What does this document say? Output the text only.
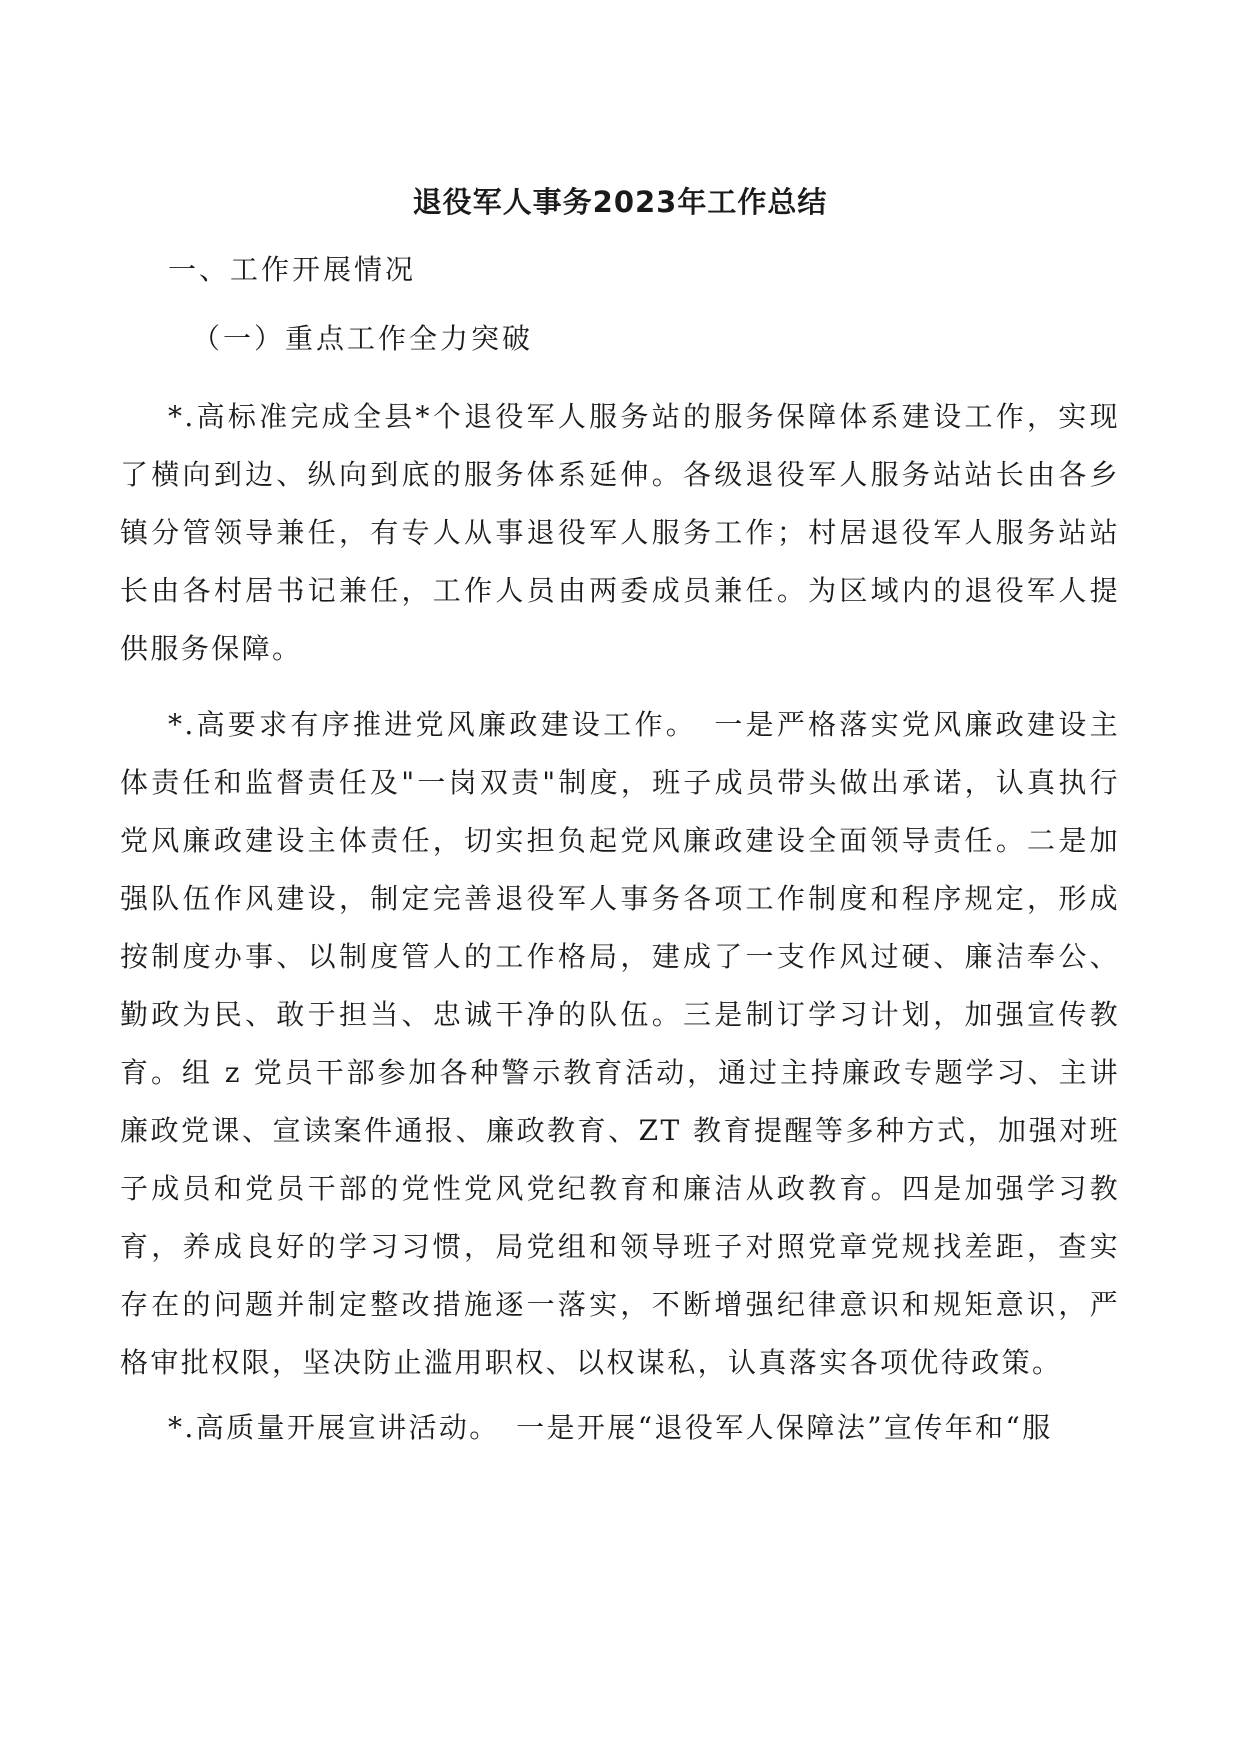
退役军人事务2023年工作总结
一、工作开展情况
（一）重点工作全力突破

*.高标准完成全县*个退役军人服务站的服务保障体系建设工作，实现了横向到边、纵向到底的服务体系延伸。各级退役军人服务站站长由各乡镇分管领导兼任，有专人从事退役军人服务工作；村居退役军人服务站站长由各村居书记兼任，工作人员由两委成员兼任。为区域内的退役军人提供服务保障。

*.高要求有序推进党风廉政建设工作。　一是严格落实党风廉政建设主体责任和监督责任及"一岗双责"制度，班子成员带头做出承诺，认真执行党风廉政建设主体责任，切实担负起党风廉政建设全面领导责任。二是加强队伍作风建设，制定完善退役军人事务各项工作制度和程序规定，形成按制度办事、以制度管人的工作格局，建成了一支作风过硬、廉洁奉公、勤政为民、敢于担当、忠诚干净的队伍。三是制订学习计划，加强宣传教育。组 z 党员干部参加各种警示教育活动，通过主持廉政专题学习、主讲廉政党课、宣读案件通报、廉政教育、ZT 教育提醒等多种方式，加强对班子成员和党员干部的党性党风党纪教育和廉洁从政教育。四是加强学习教育，养成良好的学习习惯，局党组和领导班子对照党章党规找差距，查实存在的问题并制定整改措施逐一落实，不断增强纪律意识和规矩意识，严格审批权限，坚决防止滥用职权、以权谋私，认真落实各项优待政策。

*.高质量开展宣讲活动。　一是开展“退役军人保障法”宣传年和“服
